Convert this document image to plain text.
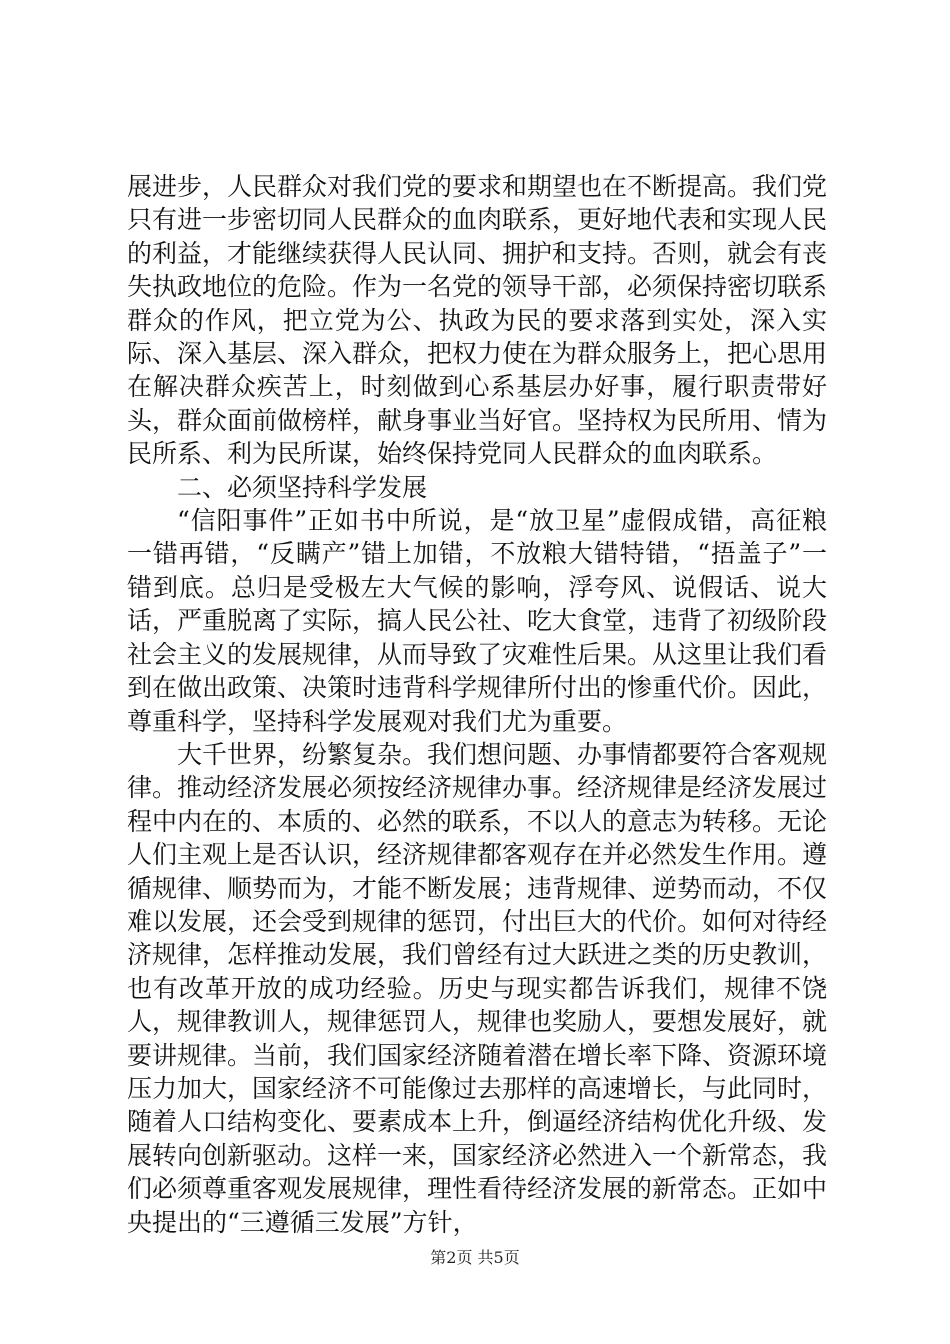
展进步，人民群众对我们党的要求和期望也在不断提高。我们党只有进一步密切同人民群众的血肉联系，更好地代表和实现人民的利益，才能继续获得人民认同、拥护和支持。否则，就会有丧失执政地位的危险。作为一名党的领导干部，必须保持密切联系群众的作风，把立党为公、执政为民的要求落到实处，深入实际、深入基层、深入群众，把权力使在为群众服务上，把心思用在解决群众疾苦上，时刻做到心系基层办好事，履行职责带好头，群众面前做榜样，献身事业当好官。坚持权为民所用、情为民所系、利为民所谋，始终保持党同人民群众的血肉联系。

二、必须坚持科学发展

“信阳事件”正如书中所说，是“放卫星”虚假成错，高征粮一错再错，“反瞒产”错上加错，不放粮大错特错，“捂盖子”一错到底。总归是受极左大气候的影响，浮夸风、说假话、说大话，严重脱离了实际，搞人民公社、吃大食堂，违背了初级阶段社会主义的发展规律，从而导致了灾难性后果。从这里让我们看到在做出政策、决策时违背科学规律所付出的惨重代价。因此，尊重科学，坚持科学发展观对我们尤为重要。

大千世界，纷繁复杂。我们想问题、办事情都要符合客观规律。推动经济发展必须按经济规律办事。经济规律是经济发展过程中内在的、本质的、必然的联系，不以人的意志为转移。无论人们主观上是否认识，经济规律都客观存在并必然发生作用。遵循规律、顺势而为，才能不断发展；违背规律、逆势而动，不仅难以发展，还会受到规律的惩罚，付出巨大的代价。如何对待经济规律，怎样推动发展，我们曾经有过大跃进之类的历史教训，也有改革开放的成功经验。历史与现实都告诉我们，规律不饶人，规律教训人，规律惩罚人，规律也奖励人，要想发展好，就要讲规律。当前，我们国家经济随着潜在增长率下降、资源环境压力加大，国家经济不可能像过去那样的高速增长，与此同时，随着人口结构变化、要素成本上升，倒逼经济结构优化升级、发展转向创新驱动。这样一来，国家经济必然进入一个新常态，我们必须尊重客观发展规律，理性看待经济发展的新常态。正如中央提出的“三遵循三发展”方针，

第2页 共5页
